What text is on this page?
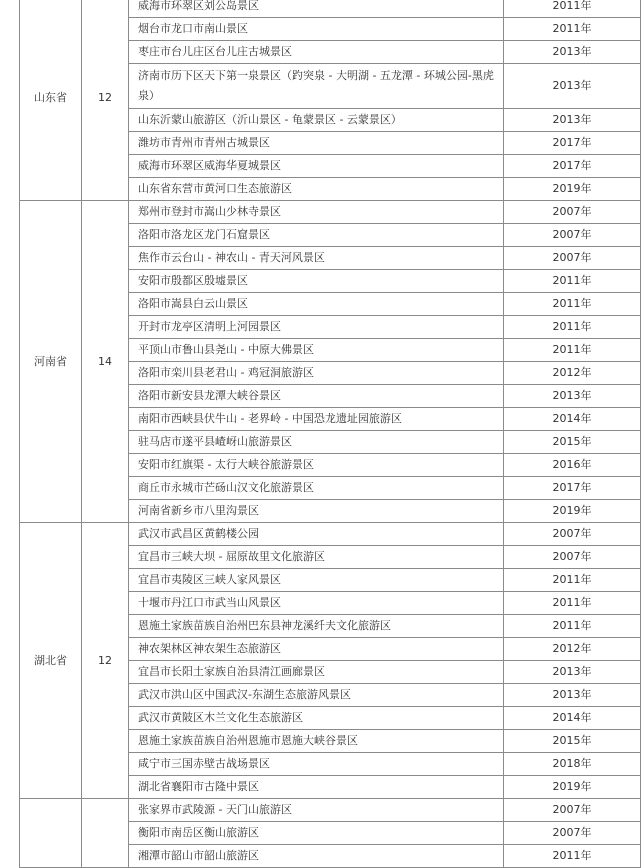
山东省	12	威海市环翠区刘公岛景区	2011年
		烟台市龙口市南山景区	2011年
		枣庄市台儿庄区台儿庄古城景区	2013年
		济南市历下区天下第一泉景区（趵突泉 - 大明湖 - 五龙潭 - 环城公园-黑虎泉）	2013年
		山东沂蒙山旅游区（沂山景区 - 龟蒙景区 - 云蒙景区）	2013年
		潍坊市青州市青州古城景区	2017年
		威海市环翠区威海华夏城景区	2017年
		山东省东营市黄河口生态旅游区	2019年
河南省	14	郑州市登封市嵩山少林寺景区	2007年
		洛阳市洛龙区龙门石窟景区	2007年
		焦作市云台山 - 神农山 - 青天河风景区	2007年
		安阳市殷都区殷墟景区	2011年
		洛阳市嵩县白云山景区	2011年
		开封市龙亭区清明上河园景区	2011年
		平顶山市鲁山县尧山 - 中原大佛景区	2011年
		洛阳市栾川县老君山 - 鸡冠洞旅游区	2012年
		洛阳市新安县龙潭大峡谷景区	2013年
		南阳市西峡县伏牛山 - 老界岭 - 中国恐龙遗址园旅游区	2014年
		驻马店市遂平县嵖岈山旅游景区	2015年
		安阳市红旗渠 - 太行大峡谷旅游景区	2016年
		商丘市永城市芒砀山汉文化旅游景区	2017年
		河南省新乡市八里沟景区	2019年
湖北省	12	武汉市武昌区黄鹤楼公园	2007年
		宜昌市三峡大坝 - 屈原故里文化旅游区	2007年
		宜昌市夷陵区三峡人家风景区	2011年
		十堰市丹江口市武当山风景区	2011年
		恩施土家族苗族自治州巴东县神龙溪纤夫文化旅游区	2011年
		神农架林区神农架生态旅游区	2012年
		宜昌市长阳土家族自治县清江画廊景区	2013年
		武汉市洪山区中国武汉-东湖生态旅游风景区	2013年
		武汉市黄陂区木兰文化生态旅游区	2014年
		恩施土家族苗族自治州恩施市恩施大峡谷景区	2015年
		咸宁市三国赤壁古战场景区	2018年
		湖北省襄阳市古隆中景区	2019年
		张家界市武陵源 - 天门山旅游区	2007年
		衡阳市南岳区衡山旅游区	2007年
		湘潭市韶山市韶山旅游区	2011年
